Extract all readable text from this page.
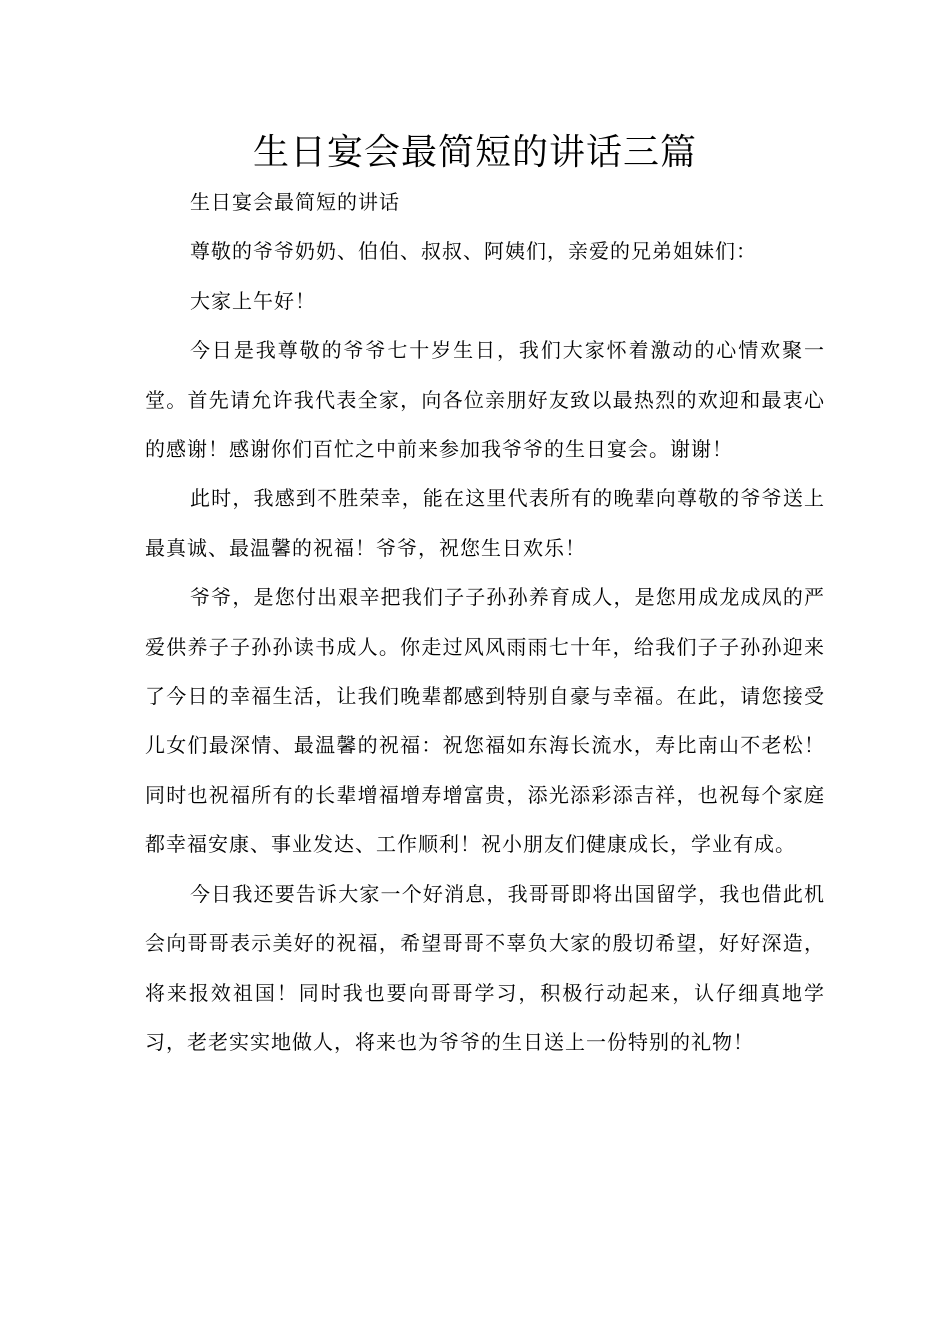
生日宴会最简短的讲话三篇

生日宴会最简短的讲话

尊敬的爷爷奶奶、伯伯、叔叔、阿姨们，亲爱的兄弟姐妹们：

大家上午好！

今日是我尊敬的爷爷七十岁生日，我们大家怀着激动的心情欢聚一堂。首先请允许我代表全家，向各位亲朋好友致以最热烈的欢迎和最衷心的感谢！感谢你们百忙之中前来参加我爷爷的生日宴会。谢谢！

此时，我感到不胜荣幸，能在这里代表所有的晚辈向尊敬的爷爷送上最真诚、最温馨的祝福！爷爷，祝您生日欢乐！

爷爷，是您付出艰辛把我们子子孙孙养育成人，是您用成龙成凤的严爱供养子子孙孙读书成人。你走过风风雨雨七十年，给我们子子孙孙迎来了今日的幸福生活，让我们晚辈都感到特别自豪与幸福。在此，请您接受儿女们最深情、最温馨的祝福：祝您福如东海长流水，寿比南山不老松！同时也祝福所有的长辈增福增寿增富贵，添光添彩添吉祥，也祝每个家庭都幸福安康、事业发达、工作顺利！祝小朋友们健康成长，学业有成。

今日我还要告诉大家一个好消息，我哥哥即将出国留学，我也借此机会向哥哥表示美好的祝福，希望哥哥不辜负大家的殷切希望，好好深造，将来报效祖国！同时我也要向哥哥学习，积极行动起来，认仔细真地学习，老老实实地做人，将来也为爷爷的生日送上一份特别的礼物！
